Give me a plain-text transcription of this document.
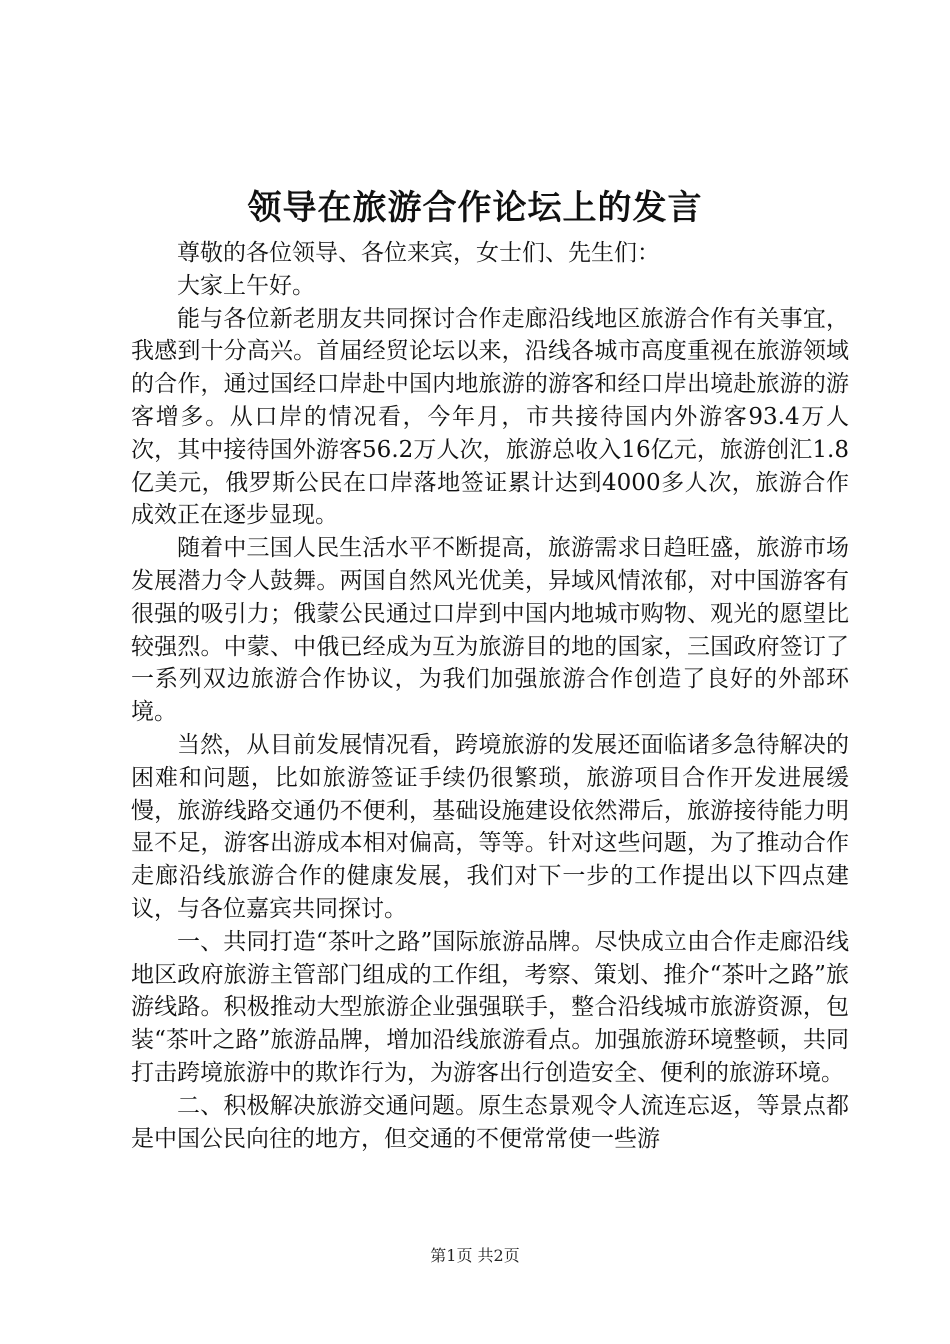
领导在旅游合作论坛上的发言

尊敬的各位领导、各位来宾，女士们、先生们：

大家上午好。

能与各位新老朋友共同探讨合作走廊沿线地区旅游合作有关事宜，我感到十分高兴。首届经贸论坛以来，沿线各城市高度重视在旅游领域的合作，通过国经口岸赴中国内地旅游的游客和经口岸出境赴旅游的游客增多。从口岸的情况看，今年月，市共接待国内外游客93.4万人次，其中接待国外游客56.2万人次，旅游总收入16亿元，旅游创汇1.8亿美元，俄罗斯公民在口岸落地签证累计达到4000多人次，旅游合作成效正在逐步显现。

随着中三国人民生活水平不断提高，旅游需求日趋旺盛，旅游市场发展潜力令人鼓舞。两国自然风光优美，异域风情浓郁，对中国游客有很强的吸引力；俄蒙公民通过口岸到中国内地城市购物、观光的愿望比较强烈。中蒙、中俄已经成为互为旅游目的地的国家，三国政府签订了一系列双边旅游合作协议，为我们加强旅游合作创造了良好的外部环境。

当然，从目前发展情况看，跨境旅游的发展还面临诸多急待解决的困难和问题，比如旅游签证手续仍很繁琐，旅游项目合作开发进展缓慢，旅游线路交通仍不便利，基础设施建设依然滞后，旅游接待能力明显不足，游客出游成本相对偏高，等等。针对这些问题，为了推动合作走廊沿线旅游合作的健康发展，我们对下一步的工作提出以下四点建议，与各位嘉宾共同探讨。

一、共同打造“茶叶之路”国际旅游品牌。尽快成立由合作走廊沿线地区政府旅游主管部门组成的工作组，考察、策划、推介“茶叶之路”旅游线路。积极推动大型旅游企业强强联手，整合沿线城市旅游资源，包装“茶叶之路”旅游品牌，增加沿线旅游看点。加强旅游环境整顿，共同打击跨境旅游中的欺诈行为，为游客出行创造安全、便利的旅游环境。

二、积极解决旅游交通问题。原生态景观令人流连忘返，等景点都是中国公民向往的地方，但交通的不便常常使一些游

第1页 共2页
